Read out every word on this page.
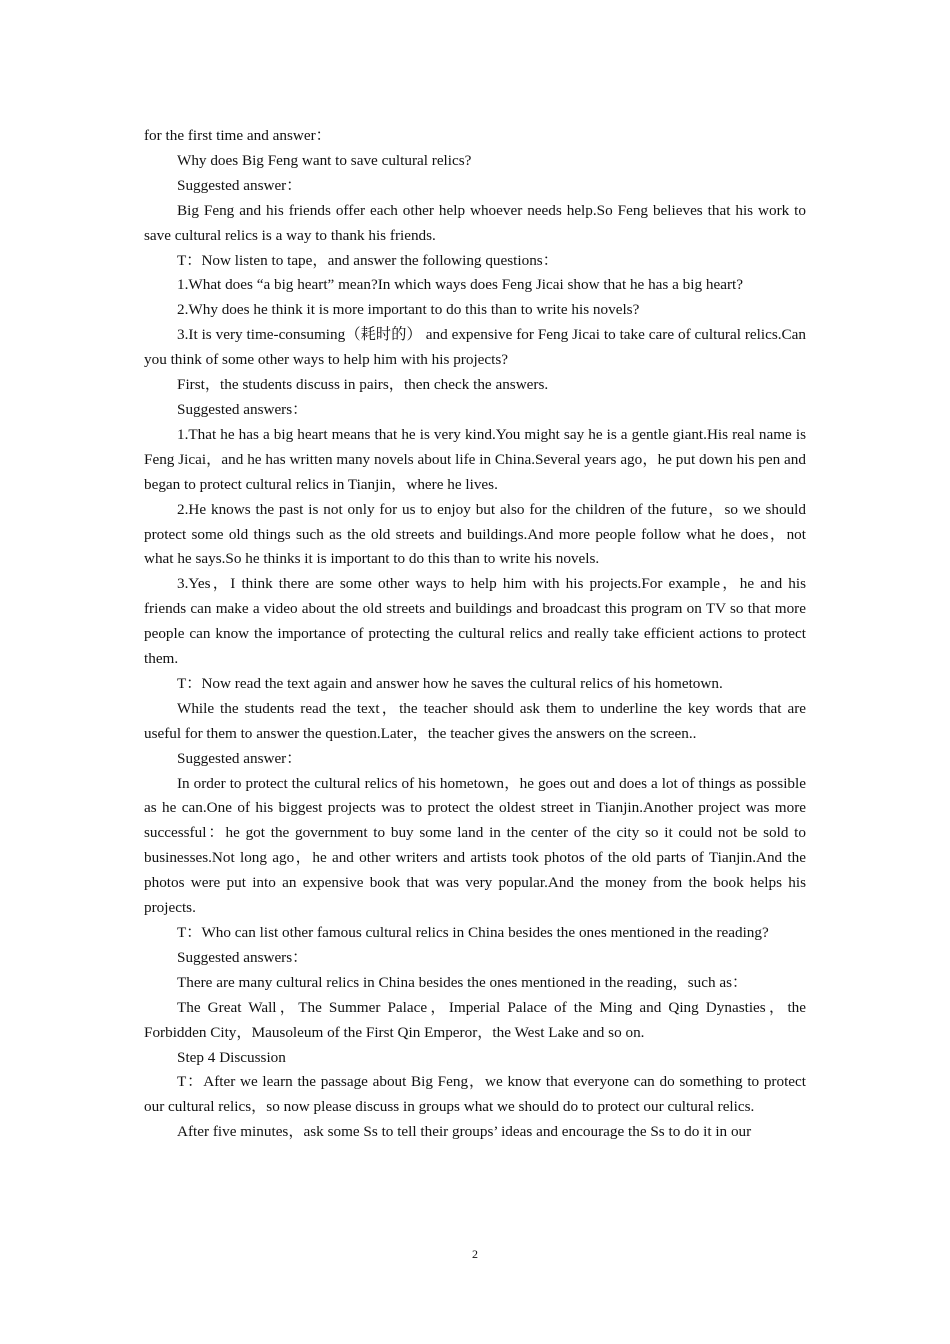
for the first time and answer：

Why does Big Feng want to save cultural relics?

Suggested answer：

Big Feng and his friends offer each other help whoever needs help.So Feng believes that his work to save cultural relics is a way to thank his friends.

T：Now listen to tape，and answer the following questions：

1.What does “a big heart” mean?In which ways does Feng Jicai show that he has a big heart?

2.Why does he think it is more important to do this than to write his novels?

3.It is very time-consuming（耗时的） and expensive for Feng Jicai to take care of cultural relics.Can you think of some other ways to help him with his projects?

First，the students discuss in pairs，then check the answers.

Suggested answers：

1.That he has a big heart means that he is very kind.You might say he is a gentle giant.His real name is Feng Jicai，and he has written many novels about life in China.Several years ago，he put down his pen and began to protect cultural relics in Tianjin，where he lives.

2.He knows the past is not only for us to enjoy but also for the children of the future，so we should protect some old things such as the old streets and buildings.And more people follow what he does，not what he says.So he thinks it is important to do this than to write his novels.

3.Yes，I think there are some other ways to help him with his projects.For example，he and his friends can make a video about the old streets and buildings and broadcast this program on TV so that more people can know the importance of protecting the cultural relics and really take efficient actions to protect them.

T：Now read the text again and answer how he saves the cultural relics of his hometown.

While the students read the text，the teacher should ask them to underline the key words that are useful for them to answer the question.Later，the teacher gives the answers on the screen..

Suggested answer：

In order to protect the cultural relics of his hometown，he goes out and does a lot of things as possible as he can.One of his biggest projects was to protect the oldest street in Tianjin.Another project was more successful：he got the government to buy some land in the center of the city so it could not be sold to businesses.Not long ago，he and other writers and artists took photos of the old parts of Tianjin.And the photos were put into an expensive book that was very popular.And the money from the book helps his projects.

T：Who can list other famous cultural relics in China besides the ones mentioned in the reading?

Suggested answers：

There are many cultural relics in China besides the ones mentioned in the reading，such as：

The Great Wall，The Summer Palace，Imperial Palace of the Ming and Qing Dynasties，the Forbidden City，Mausoleum of the First Qin Emperor，the West Lake and so on.

Step 4 Discussion

T：After we learn the passage about Big Feng，we know that everyone can do something to protect our cultural relics，so now please discuss in groups what we should do to protect our cultural relics.

After five minutes，ask some Ss to tell their groups’ ideas and encourage the Ss to do it in our

2
